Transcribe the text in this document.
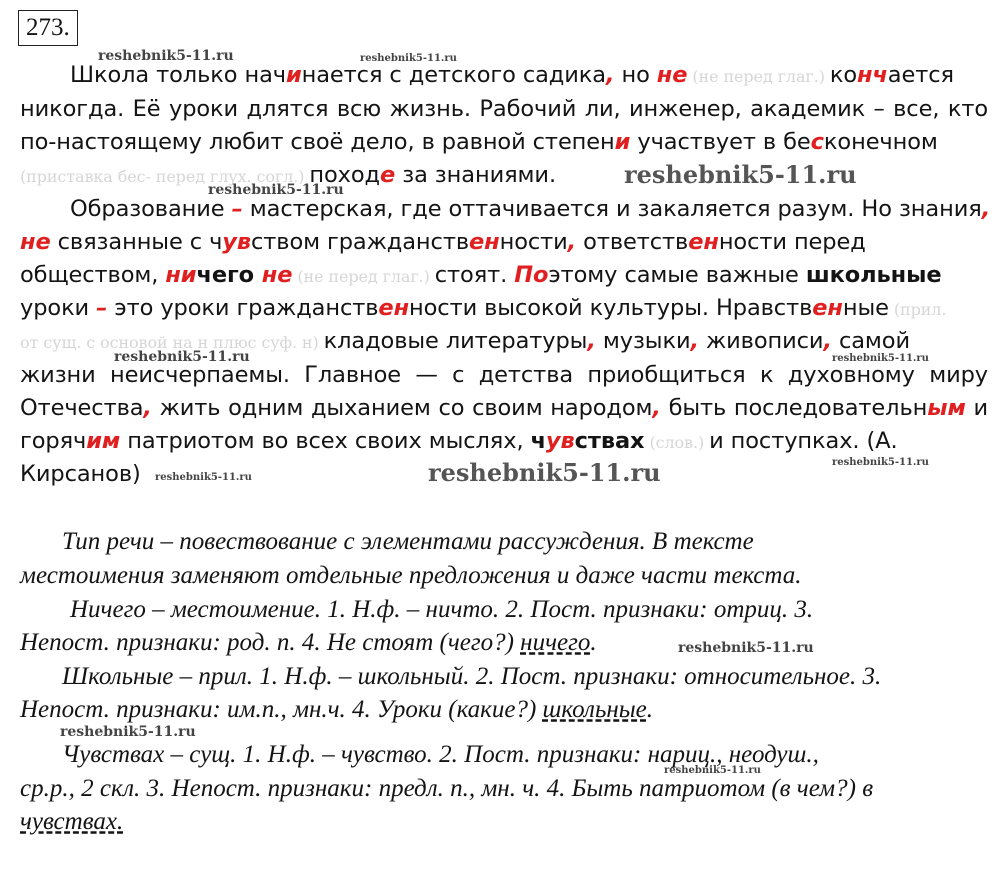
273.
reshebnik5-11.ru	reshebnik5-11.ru
reshebnik5-11.ru
reshebnik5-11.ru	reshebnik5-11.ru
reshebnik5-11.ru
reshebnik5-11.ru
reshebnik5-11.ru
reshebnik5-11.ru
reshebnik5-11.ru
reshebnik5-11.ru
reshebnik5-11.ru
Школа только начинается с детского садика, но не (не перед глаг.) кончается
никогда. Её уроки длятся всю жизнь. Рабочий ли, инженер, академик – все, кто
по-настоящему любит своё дело, в равной степени участвует в бесконечном
(приставка бес- перед глух. согл.) походе за знаниями.
Образование – мастерская, где оттачивается и закаляется разум. Но знания,
не связанные с чувством гражданственности, ответственности перед
обществом, ничего не (не перед глаг.) стоят. Поэтому самые важные школьные
уроки – это уроки гражданственности высокой культуры. Нравственные (прил.
от сущ. с основой на н плюс суф. н) кладовые литературы, музыки, живописи, самой
жизни неисчерпаемы. Главное — с детства приобщиться к духовному миру
Отечества, жить одним дыханием со своим народом, быть последовательным и
горячим патриотом во всех своих мыслях, чувствах (слов.) и поступках. (А.
Кирсанов)
Тип речи – повествование с элементами рассуждения. В тексте
местоимения заменяют отдельные предложения и даже части текста.
Ничего – местоимение. 1. Н.ф. – ничто. 2. Пост. признаки: отриц. 3.
Непост. признаки: род. п. 4. Не стоят (чего?) ничего.
Школьные – прил. 1. Н.ф. – школьный. 2. Пост. признаки: относительное. 3.
Непост. признаки: им.п., мн.ч. 4. Уроки (какие?) школьные.
Чувствах – сущ. 1. Н.ф. – чувство. 2. Пост. признаки: нариц., неодуш.,
ср.р., 2 скл. 3. Непост. признаки: предл. п., мн. ч. 4. Быть патриотом (в чем?) в
чувствах.
